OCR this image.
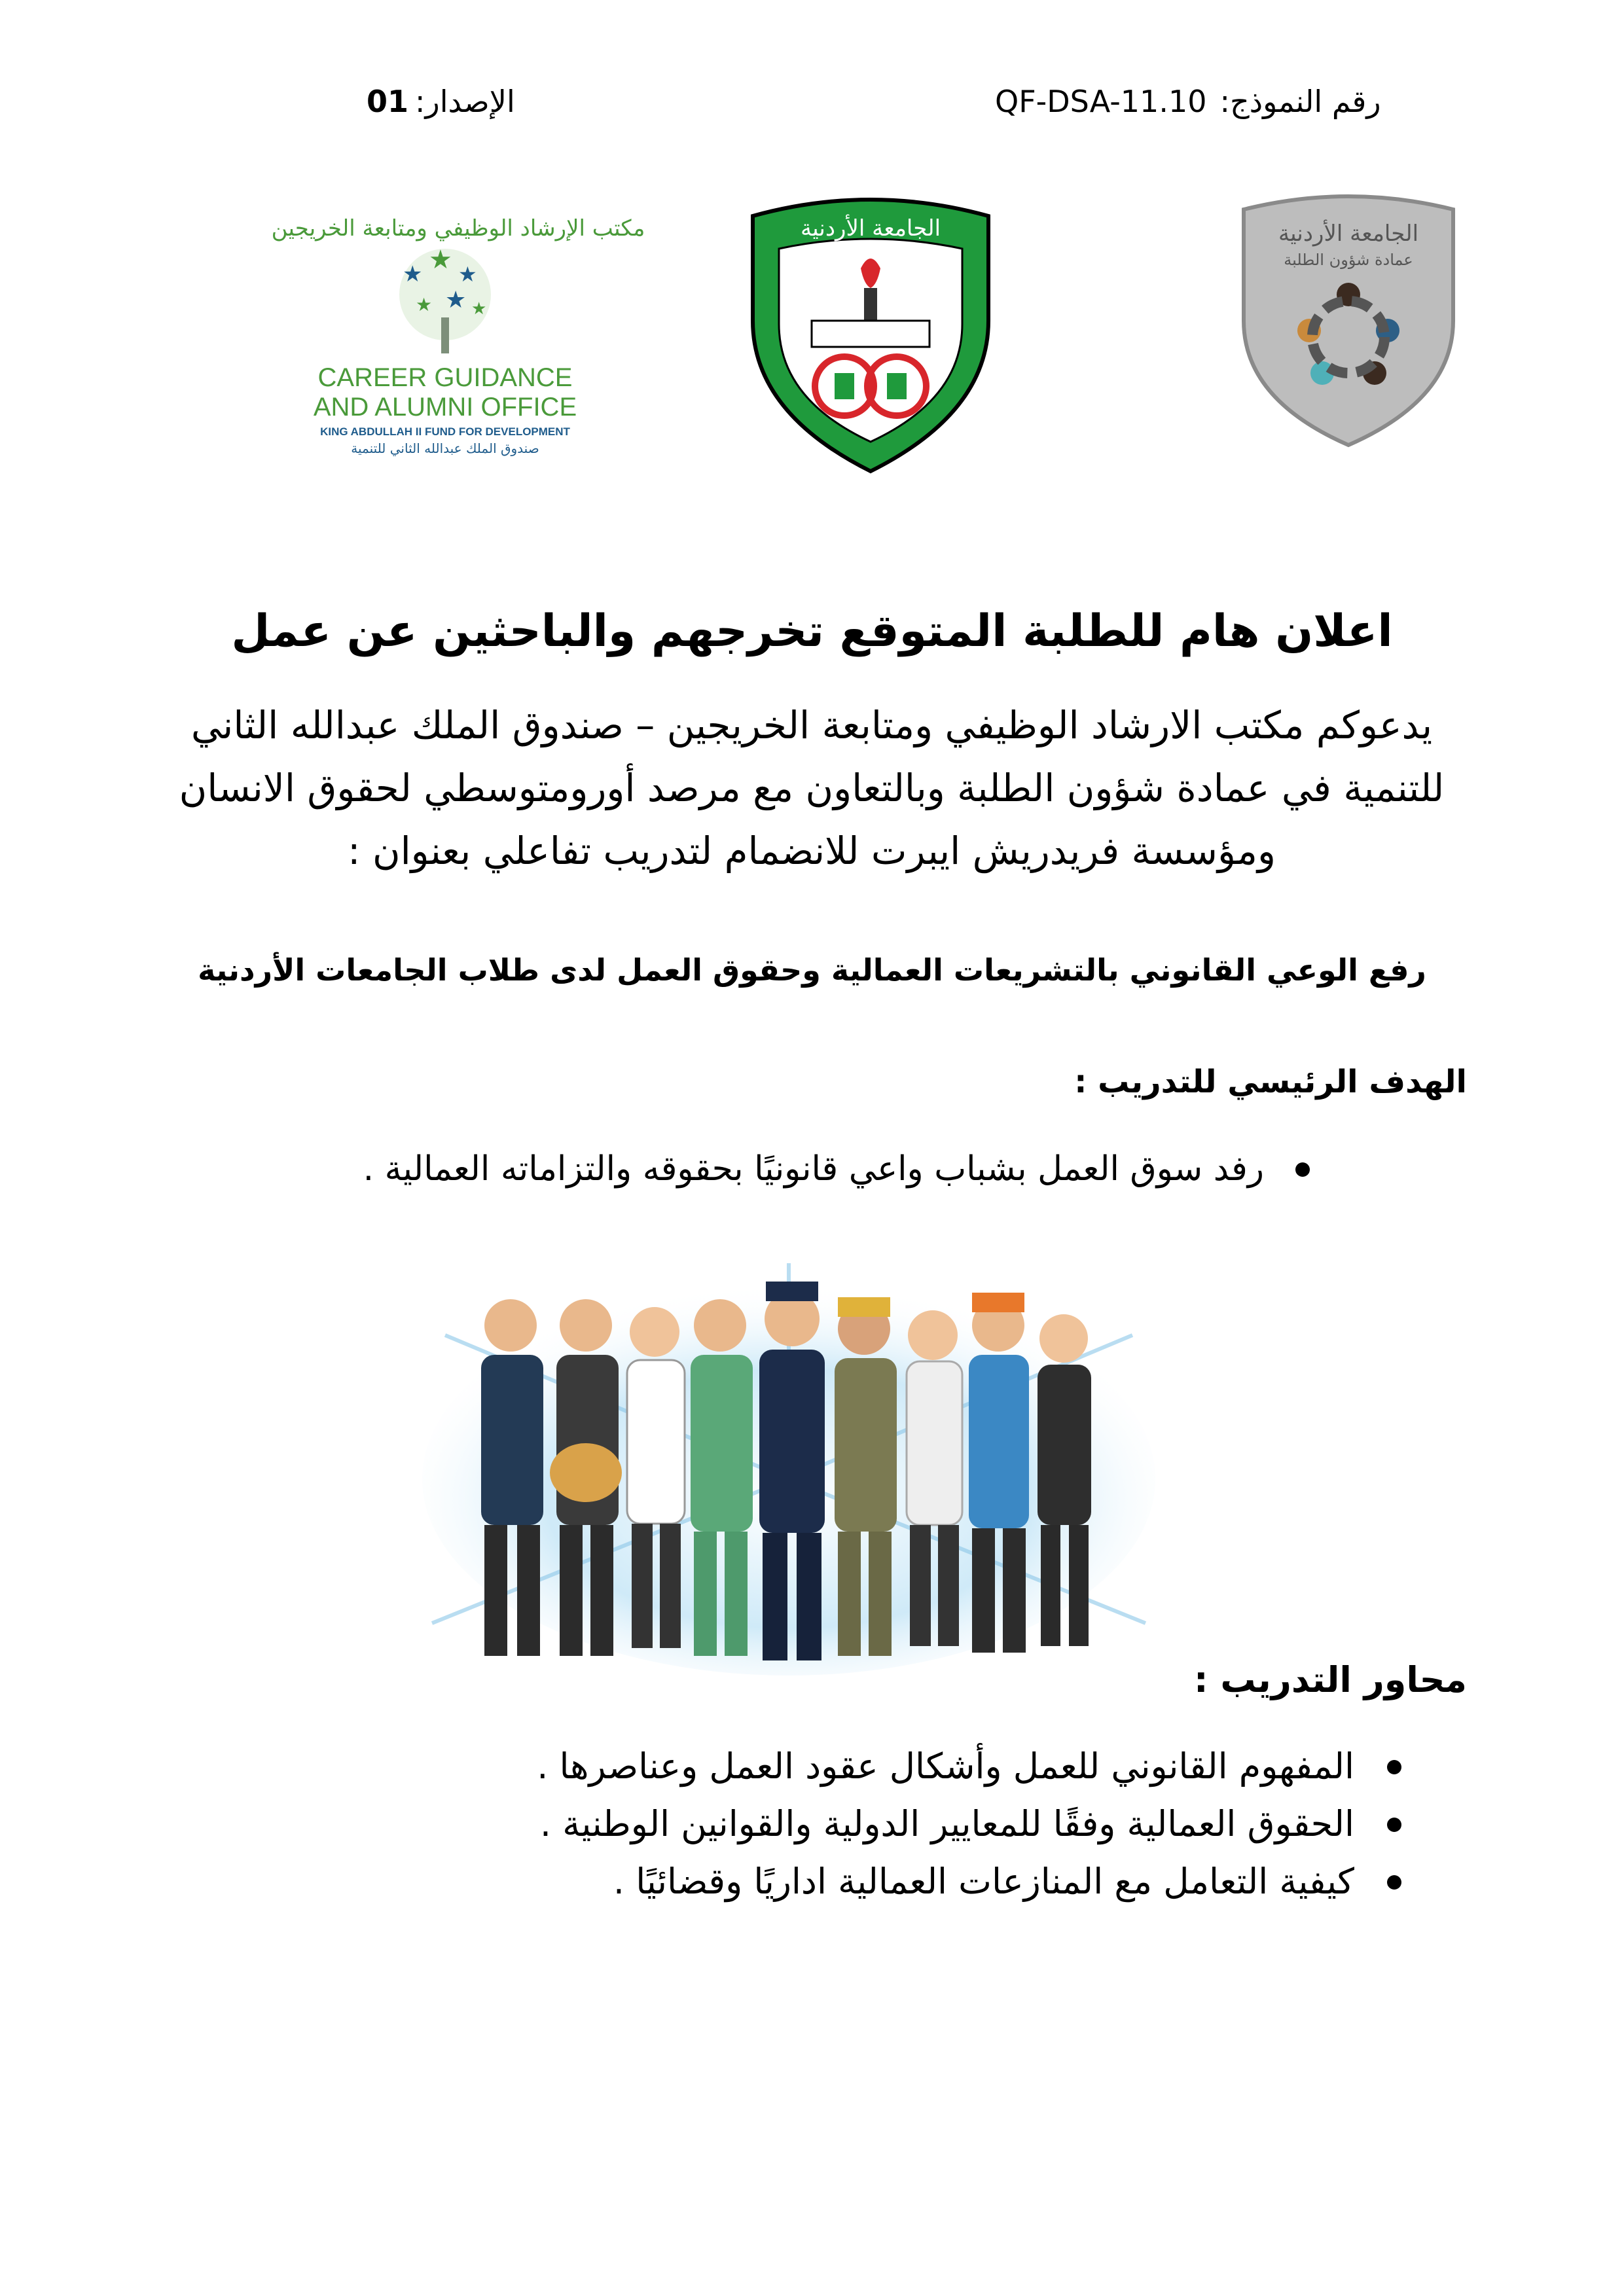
رقم النموذج:QF-DSA-11.10
الإصدار:01
مكتب الإرشاد الوظيفي ومتابعة الخريجين
★ ★ ★
★ ★ ★
CAREER GUIDANCE
AND ALUMNI OFFICE
KING ABDULLAH II FUND FOR DEVELOPMENT
صندوق الملك عبدالله الثاني للتنمية
الجامعة الأردنية	الجامعة الأردنية
عمادة شؤون الطلبة
اعلان هام للطلبة المتوقع تخرجهم والباحثين عن عمل
يدعوكم مكتب الارشاد الوظيفي ومتابعة الخريجين – صندوق الملك عبدالله الثاني
للتنمية في عمادة شؤون الطلبة وبالتعاون مع مرصد أورومتوسطي لحقوق الانسان
ومؤسسة فريدريش ايبرت للانضمام لتدريب تفاعلي بعنوان :
رفع الوعي القانوني بالتشريعات العمالية وحقوق العمل لدى طلاب الجامعات الأردنية
الهدف الرئيسي للتدريب :
رفد سوق العمل بشباب واعي قانونيًا بحقوقه والتزاماته العمالية .
محاور التدريب :
المفهوم القانوني للعمل وأشكال عقود العمل وعناصرها .
الحقوق العمالية وفقًا للمعايير الدولية والقوانين الوطنية .
كيفية التعامل مع المنازعات العمالية اداريًا وقضائيًا .
